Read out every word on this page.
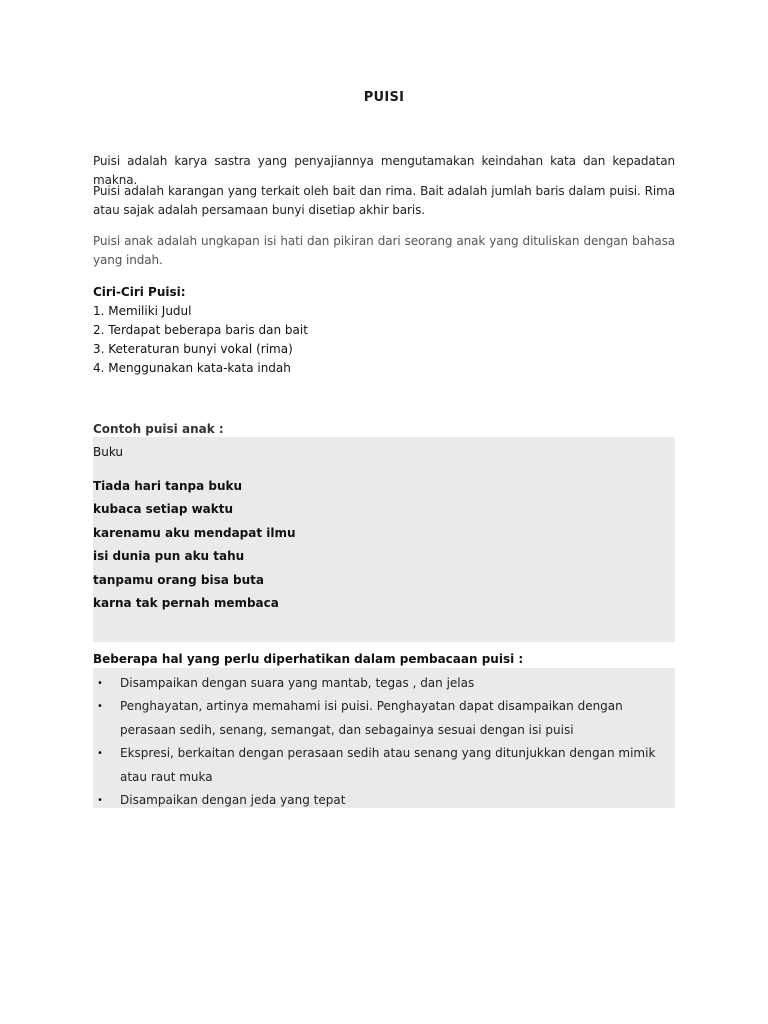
PUISI
Puisi adalah karya sastra yang penyajiannya mengutamakan keindahan kata dan kepadatan makna.
Puisi adalah karangan yang terkait oleh bait dan rima. Bait adalah jumlah baris dalam puisi. Rima atau sajak adalah persamaan bunyi disetiap akhir baris.
Puisi anak adalah ungkapan isi hati dan pikiran dari seorang anak yang dituliskan dengan bahasa yang indah.
Ciri-Ciri Puisi:
1. Memiliki Judul
2. Terdapat beberapa baris dan bait
3. Keteraturan bunyi vokal (rima)
4. Menggunakan kata-kata indah
Contoh puisi anak :
Buku
Tiada hari tanpa buku
kubaca setiap waktu
karenamu aku mendapat ilmu
isi dunia pun aku tahu
tanpamu orang bisa buta
karna tak pernah membaca
Beberapa hal yang perlu diperhatikan dalam pembacaan puisi :
• Disampaikan dengan suara yang mantab, tegas , dan jelas
• Penghayatan, artinya memahami isi puisi. Penghayatan dapat disampaikan dengan perasaan sedih, senang, semangat, dan sebagainya sesuai dengan isi puisi
• Ekspresi, berkaitan dengan perasaan sedih atau senang yang ditunjukkan dengan mimik atau raut muka
• Disampaikan dengan jeda yang tepat
